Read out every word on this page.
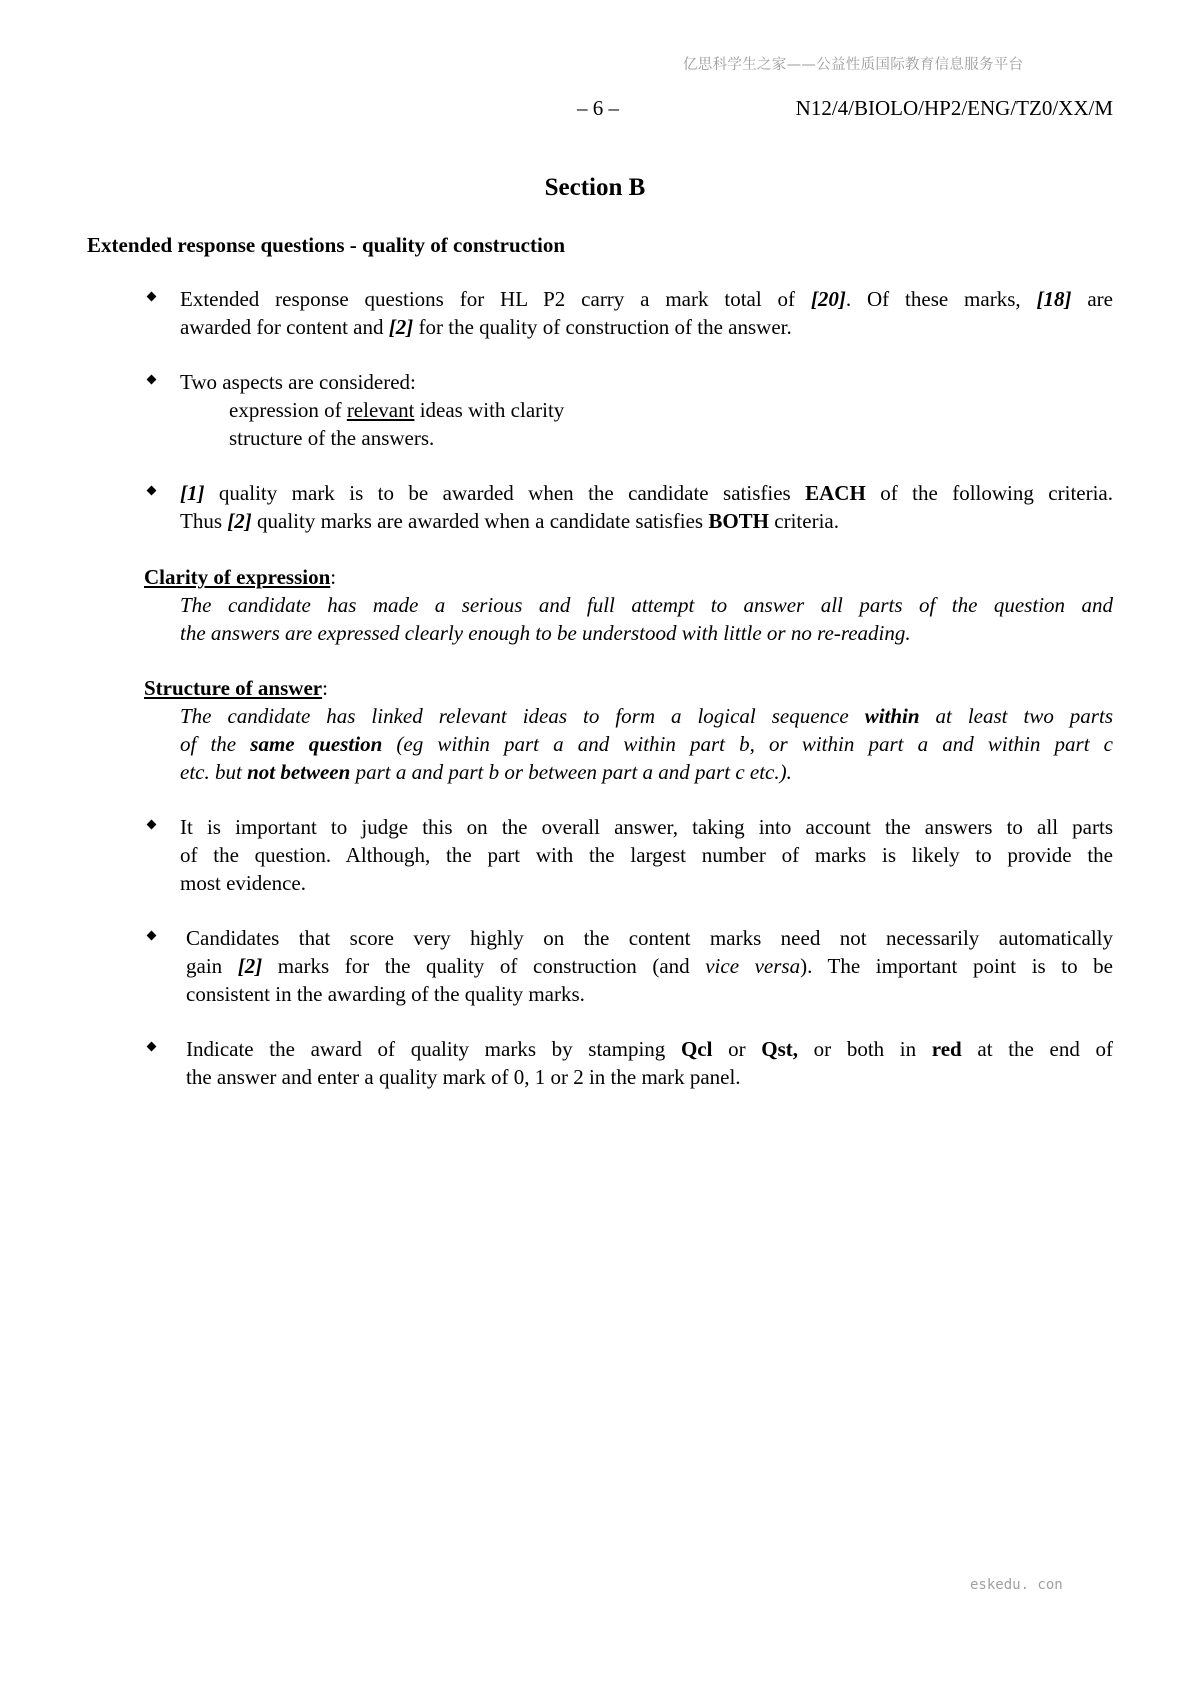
亿思科学生之家——公益性质国际教育信息服务平台
– 6 –	N12/4/BIOLO/HP2/ENG/TZ0/XX/M
Section B
Extended response questions - quality of construction
Extended response questions for HL P2 carry a mark total of [20]. Of these marks, [18] are
awarded for content and [2] for the quality of construction of the answer.
Two aspects are considered:
expression of relevant ideas with clarity
structure of the answers.
[1] quality mark is to be awarded when the candidate satisfies EACH of the following criteria.
Thus [2] quality marks are awarded when a candidate satisfies BOTH criteria.
Clarity of expression:
The candidate has made a serious and full attempt to answer all parts of the question and
the answers are expressed clearly enough to be understood with little or no re-reading.
Structure of answer:
The candidate has linked relevant ideas to form a logical sequence within at least two parts
of the same question (eg within part a and within part b, or within part a and within part c
etc. but not between part a and part b or between part a and part c etc.).
It is important to judge this on the overall answer, taking into account the answers to all parts
of the question. Although, the part with the largest number of marks is likely to provide the
most evidence.
Candidates that score very highly on the content marks need not necessarily automatically
gain [2] marks for the quality of construction (and vice versa). The important point is to be
consistent in the awarding of the quality marks.
Indicate the award of quality marks by stamping Qcl or Qst, or both in red at the end of
the answer and enter a quality mark of 0, 1 or 2 in the mark panel.
eskedu. con
